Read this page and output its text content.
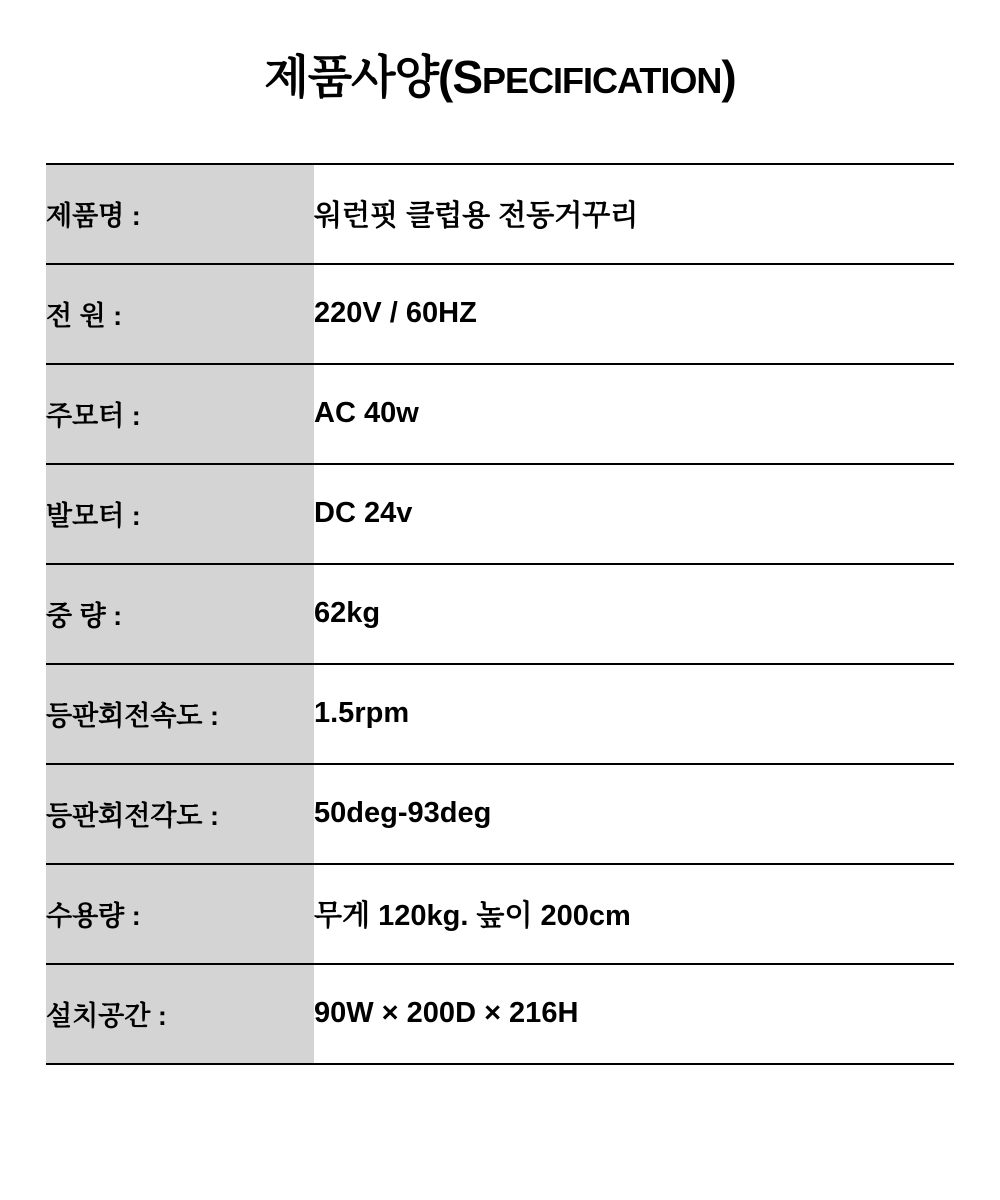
제품사양(SPECIFICATION)
제품명 :	워런핏 클럽용 전동거꾸리
전 원 :	220V / 60HZ
주모터 :	AC 40w
발모터 :	DC 24v
중 량 :	62kg
등판회전속도 :	1.5rpm
등판회전각도 :	50deg-93deg
수용량 :	무게 120kg. 높이 200cm
설치공간 :	90W × 200D × 216H
